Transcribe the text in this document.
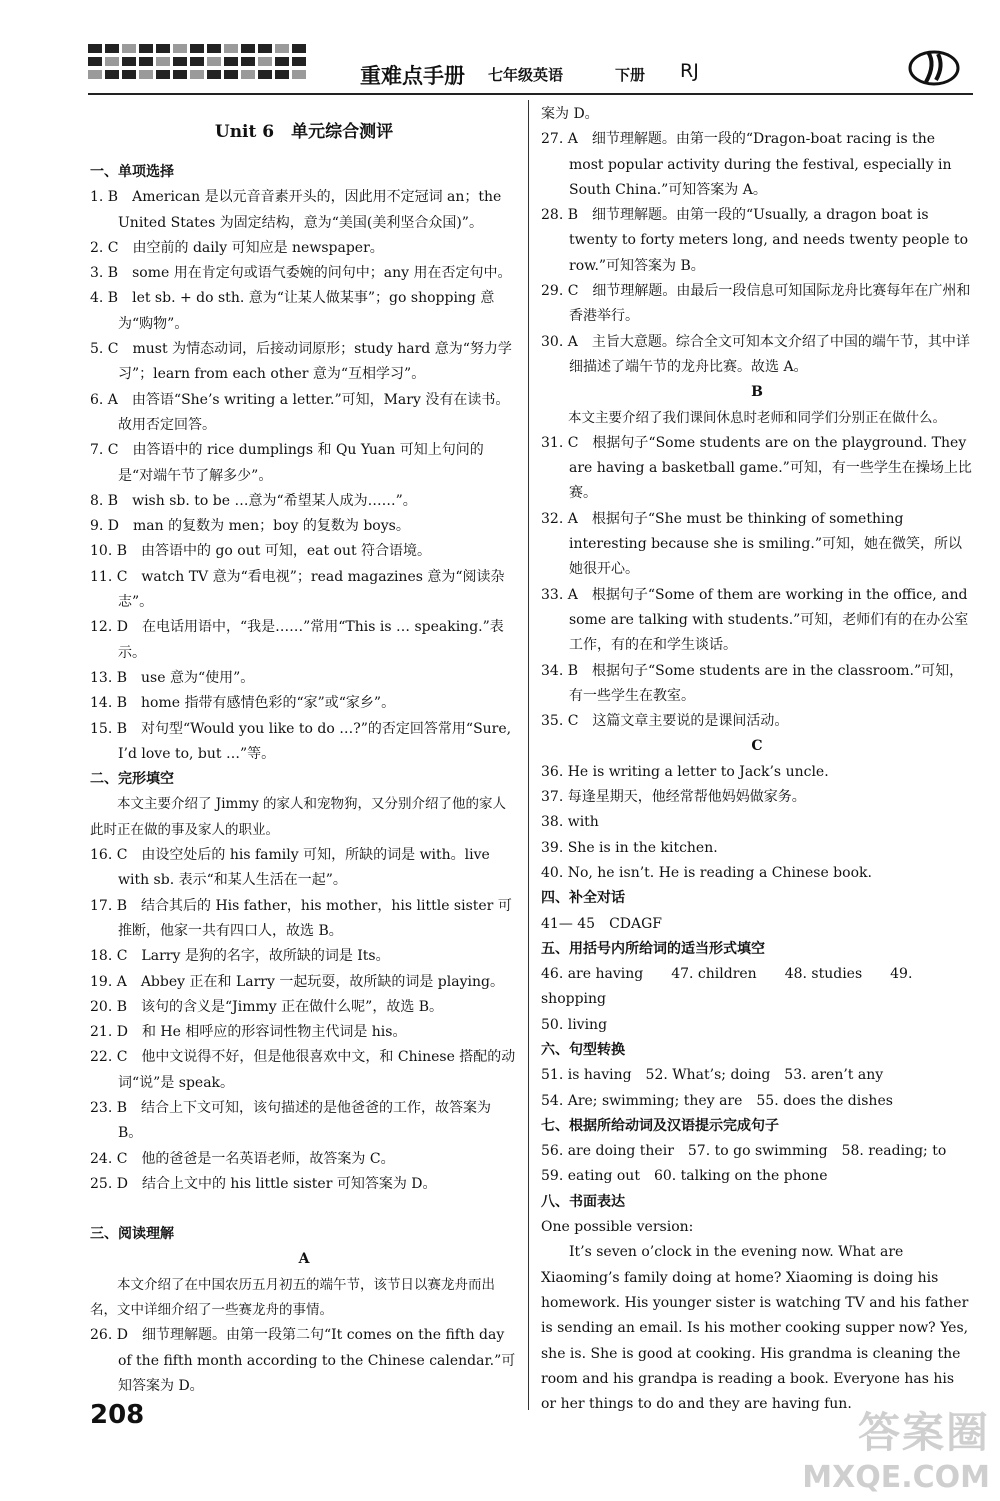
重难点手册 七年级英语	下册 RJ
Unit 6　单元综合测评
一、单项选择

1. B　American 是以元音音素开头的，因此用不定冠词 an；the United States 为固定结构，意为“美国(美利坚合众国)”。

2. C　由空前的 daily 可知应是 newspaper。

3. B　some 用在肯定句或语气委婉的问句中；any 用在否定句中。

4. B　let sb. + do sth. 意为“让某人做某事”；go shopping 意为“购物”。

5. C　must 为情态动词，后接动词原形；study hard 意为“努力学习”；learn from each other 意为“互相学习”。

6. A　由答语“She’s writing a letter.”可知，Mary 没有在读书。故用否定回答。

7. C　由答语中的 rice dumplings 和 Qu Yuan 可知上句问的是“对端午节了解多少”。

8. B　wish sb. to be …意为“希望某人成为……”。

9. D　man 的复数为 men；boy 的复数为 boys。

10. B　由答语中的 go out 可知，eat out 符合语境。

11. C　watch TV 意为“看电视”；read magazines 意为“阅读杂志”。

12. D　在电话用语中，“我是……”常用“This is … speaking.”表示。

13. B　use 意为“使用”。

14. B　home 指带有感情色彩的“家”或“家乡”。

15. B　对句型“Would you like to do …?”的否定回答常用“Sure, I’d love to, but …”等。

二、完形填空

本文主要介绍了 Jimmy 的家人和宠物狗，又分别介绍了他的家人此时正在做的事及家人的职业。

16. C　由设空处后的 his family 可知，所缺的词是 with。live with sb. 表示“和某人生活在一起”。

17. B　结合其后的 His father，his mother，his little sister 可推断，他家一共有四口人，故选 B。

18. C　Larry 是狗的名字，故所缺的词是 Its。

19. A　Abbey 正在和 Larry 一起玩耍，故所缺的词是 playing。

20. B　该句的含义是“Jimmy 正在做什么呢”，故选 B。

21. D　和 He 相呼应的形容词性物主代词是 his。

22. C　他中文说得不好，但是他很喜欢中文，和 Chinese 搭配的动词“说”是 speak。

23. B　结合上下文可知，该句描述的是他爸爸的工作，故答案为 B。

24. C　他的爸爸是一名英语老师，故答案为 C。

25. D　结合上文中的 his little sister 可知答案为 D。

三、阅读理解
A

本文介绍了在中国农历五月初五的端午节，该节日以赛龙舟而出名，文中详细介绍了一些赛龙舟的事情。

26. D　细节理解题。由第一段第二句“It comes on the fifth day of the fifth month according to the Chinese calendar.”可知答案为 D。

案为 D。

27. A　细节理解题。由第一段的“Dragon-boat racing is the most popular activity during the festival, especially in South China.”可知答案为 A。

28. B　细节理解题。由第一段的“Usually, a dragon boat is twenty to forty meters long, and needs twenty people to row.”可知答案为 B。

29. C　细节理解题。由最后一段信息可知国际龙舟比赛每年在广州和香港举行。

30. A　主旨大意题。综合全文可知本文介绍了中国的端午节，其中详细描述了端午节的龙舟比赛。故选 A。

B

本文主要介绍了我们课间休息时老师和同学们分别正在做什么。

31. C　根据句子“Some students are on the playground. They are having a basketball game.”可知，有一些学生在操场上比赛。

32. A　根据句子“She must be thinking of something interesting because she is smiling.”可知，她在微笑，所以她很开心。

33. A　根据句子“Some of them are working in the office, and some are talking with students.”可知，老师们有的在办公室工作，有的在和学生谈话。

34. B　根据句子“Some students are in the classroom.”可知，有一些学生在教室。

35. C　这篇文章主要说的是课间活动。

C

36. He is writing a letter to Jack’s uncle.

37. 每逢星期天，他经常帮他妈妈做家务。

38. with

39. She is in the kitchen.

40. No, he isn’t. He is reading a Chinese book.

四、补全对话

41— 45　CDAGF

五、用括号内所给词的适当形式填空

46. are having　　47. children　　48. studies　　49. shopping

50. living

六、句型转换

51. is having　52. What’s; doing　53. aren’t any

54. Are; swimming; they are　55. does the dishes

七、根据所给动词及汉语提示完成句子

56. are doing their　57. to go swimming　58. reading; to

59. eating out　60. talking on the phone

八、书面表达

One possible version:

It’s seven o’clock in the evening now. What are Xiaoming’s family doing at home? Xiaoming is doing his homework. His younger sister is watching TV and his father is sending an email. Is his mother cooking supper now? Yes, she is. She is good at cooking. His grandma is cleaning the room and his grandpa is reading a book. Everyone has his or her things to do and they are having fun.

208	答案圈
MXQE.COM
